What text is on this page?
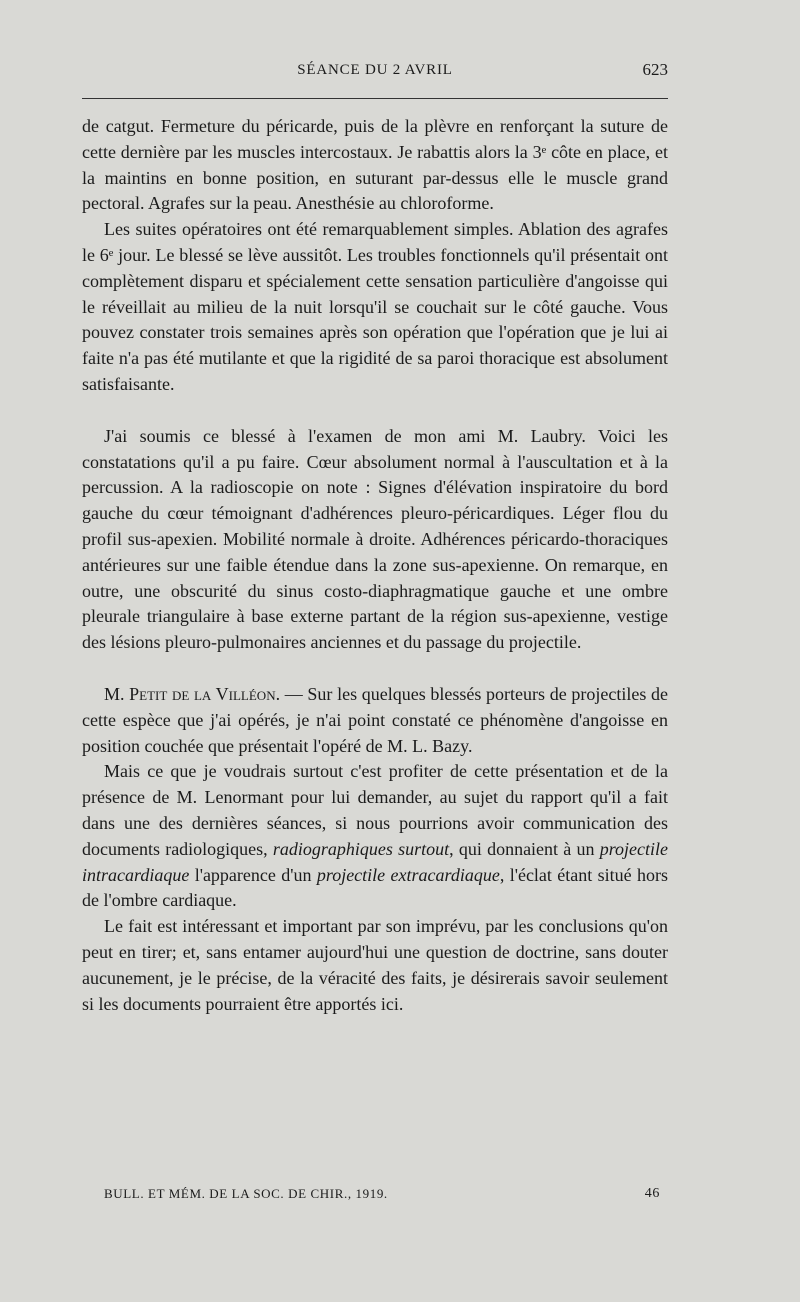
SÉANCE DU 2 AVRIL	623

de catgut. Fermeture du péricarde, puis de la plèvre en renforçant la suture de cette dernière par les muscles intercostaux. Je rabattis alors la 3ᵉ côte en place, et la maintins en bonne position, en suturant par-dessus elle le muscle grand pectoral. Agrafes sur la peau. Anesthésie au chloroforme.

Les suites opératoires ont été remarquablement simples. Ablation des agrafes le 6ᵉ jour. Le blessé se lève aussitôt. Les troubles fonctionnels qu'il présentait ont complètement disparu et spécialement cette sensation particulière d'angoisse qui le réveillait au milieu de la nuit lorsqu'il se couchait sur le côté gauche. Vous pouvez constater trois semaines après son opération que l'opération que je lui ai faite n'a pas été mutilante et que la rigidité de sa paroi thoracique est absolument satisfaisante.

J'ai soumis ce blessé à l'examen de mon ami M. Laubry. Voici les constatations qu'il a pu faire. Cœur absolument normal à l'auscultation et à la percussion. A la radioscopie on note : Signes d'élévation inspiratoire du bord gauche du cœur témoignant d'adhérences pleuro-péricardiques. Léger flou du profil sus-apexien. Mobilité normale à droite. Adhérences péricardo-thoraciques antérieures sur une faible étendue dans la zone sus-apexienne. On remarque, en outre, une obscurité du sinus costo-diaphragmatique gauche et une ombre pleurale triangulaire à base externe partant de la région sus-apexienne, vestige des lésions pleuro-pulmonaires anciennes et du passage du projectile.

M. Petit de la Villéon. — Sur les quelques blessés porteurs de projectiles de cette espèce que j'ai opérés, je n'ai point constaté ce phénomène d'angoisse en position couchée que présentait l'opéré de M. L. Bazy.

Mais ce que je voudrais surtout c'est profiter de cette présentation et de la présence de M. Lenormant pour lui demander, au sujet du rapport qu'il a fait dans une des dernières séances, si nous pourrions avoir communication des documents radiologiques, radiographiques surtout, qui donnaient à un projectile intracardiaque l'apparence d'un projectile extracardiaque, l'éclat étant situé hors de l'ombre cardiaque.

Le fait est intéressant et important par son imprévu, par les conclusions qu'on peut en tirer; et, sans entamer aujourd'hui une question de doctrine, sans douter aucunement, je le précise, de la véracité des faits, je désirerais savoir seulement si les documents pourraient être apportés ici.

BULL. ET MÉM. DE LA SOC. DE CHIR., 1919.	46
